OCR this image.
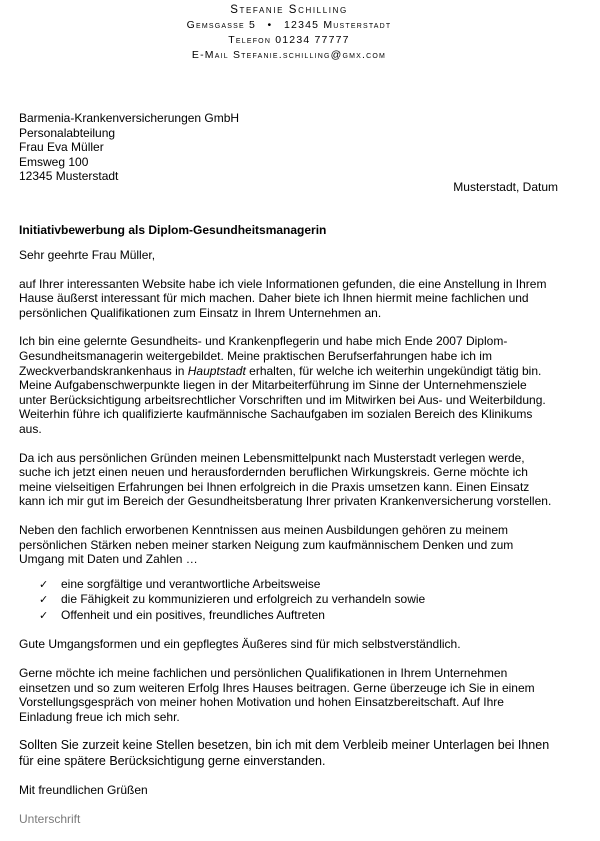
Stefanie Schilling
Gemsgasse 5 • 12345 Musterstadt
Telefon 01234 77777
E-Mail Stefanie.schilling@gmx.com
Barmenia-Krankenversicherungen GmbH
Personalabteilung
Frau Eva Müller
Emsweg 100
12345 Musterstadt
Musterstadt, Datum
Initiativbewerbung als Diplom-Gesundheitsmanagerin

Sehr geehrte Frau Müller,

auf Ihrer interessanten Website habe ich viele Informationen gefunden, die eine Anstellung in Ihrem
Hause äußerst interessant für mich machen. Daher biete ich Ihnen hiermit meine fachlichen und
persönlichen Qualifikationen zum Einsatz in Ihrem Unternehmen an.

Ich bin eine gelernte Gesundheits- und Krankenpflegerin und habe mich Ende 2007 Diplom-
Gesundheitsmanagerin weitergebildet. Meine praktischen Berufserfahrungen habe ich im
Zweckverbandskrankenhaus in Hauptstadt erhalten, für welche ich weiterhin ungekündigt tätig bin.
Meine Aufgabenschwerpunkte liegen in der Mitarbeiterführung im Sinne der Unternehmensziele
unter Berücksichtigung arbeitsrechtlicher Vorschriften und im Mitwirken bei Aus- und Weiterbildung.
Weiterhin führe ich qualifizierte kaufmännische Sachaufgaben im sozialen Bereich des Klinikums
aus.

Da ich aus persönlichen Gründen meinen Lebensmittelpunkt nach Musterstadt verlegen werde,
suche ich jetzt einen neuen und herausfordernden beruflichen Wirkungskreis. Gerne möchte ich
meine vielseitigen Erfahrungen bei Ihnen erfolgreich in die Praxis umsetzen kann. Einen Einsatz
kann ich mir gut im Bereich der Gesundheitsberatung Ihrer privaten Krankenversicherung vorstellen.

Neben den fachlich erworbenen Kenntnissen aus meinen Ausbildungen gehören zu meinem
persönlichen Stärken neben meiner starken Neigung zum kaufmännischem Denken und zum
Umgang mit Daten und Zahlen …

✓ eine sorgfältige und verantwortliche Arbeitsweise
✓ die Fähigkeit zu kommunizieren und erfolgreich zu verhandeln sowie
✓ Offenheit und ein positives, freundliches Auftreten

Gute Umgangsformen und ein gepflegtes Äußeres sind für mich selbstverständlich.

Gerne möchte ich meine fachlichen und persönlichen Qualifikationen in Ihrem Unternehmen
einsetzen und so zum weiteren Erfolg Ihres Hauses beitragen. Gerne überzeuge ich Sie in einem
Vorstellungsgespräch von meiner hohen Motivation und hohen Einsatzbereitschaft. Auf Ihre
Einladung freue ich mich sehr.

Sollten Sie zurzeit keine Stellen besetzen, bin ich mit dem Verbleib meiner Unterlagen bei Ihnen
für eine spätere Berücksichtigung gerne einverstanden.

Mit freundlichen Grüßen

Unterschrift
